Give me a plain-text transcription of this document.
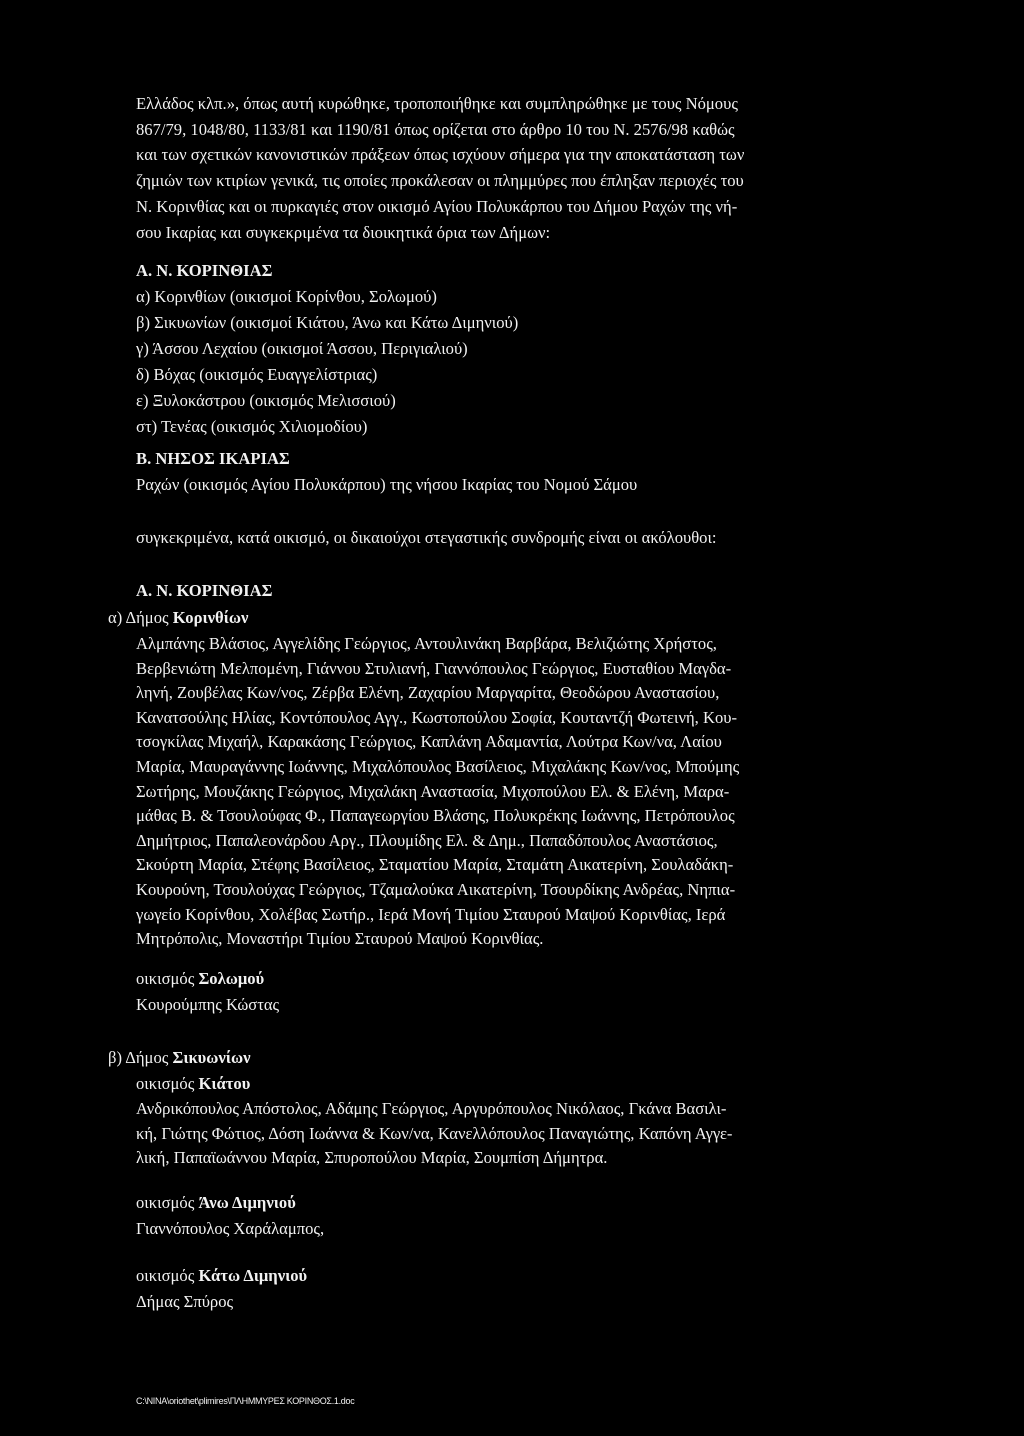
Ελλάδος κλπ.», όπως αυτή κυρώθηκε, τροποποιήθηκε και συμπληρώθηκε με τους Νόμους
867/79, 1048/80, 1133/81 και 1190/81 όπως ορίζεται στο άρθρο 10 του Ν. 2576/98 καθώς
και των σχετικών κανονιστικών πράξεων όπως ισχύουν σήμερα για την αποκατάσταση των
ζημιών των κτιρίων γενικά, τις οποίες προκάλεσαν οι πλημμύρες που έπληξαν περιοχές του
Ν. Κορινθίας και οι πυρκαγιές στον οικισμό Αγίου Πολυκάρπου του Δήμου Ραχών της νή-
σου Ικαρίας και συγκεκριμένα τα διοικητικά όρια των Δήμων:
Α. Ν. ΚΟΡΙΝΘΙΑΣ
α) Κορινθίων (οικισμοί Κορίνθου, Σολωμού)
β) Σικυωνίων (οικισμοί Κιάτου, Άνω και Κάτω Διμηνιού)
γ) Άσσου Λεχαίου (οικισμοί Άσσου, Περιγιαλιού)
δ) Βόχας (οικισμός Ευαγγελίστριας)
ε) Ξυλοκάστρου (οικισμός Μελισσιού)
στ) Τενέας (οικισμός Χιλιομοδίου)
Β. ΝΗΣΟΣ ΙΚΑΡΙΑΣ
Ραχών (οικισμός Αγίου Πολυκάρπου) της νήσου Ικαρίας του Νομού Σάμου
συγκεκριμένα, κατά οικισμό, οι δικαιούχοι στεγαστικής συνδρομής είναι οι ακόλουθοι:
Α. Ν. ΚΟΡΙΝΘΙΑΣ
α) Δήμος Κορινθίων
Αλμπάνης Βλάσιος, Αγγελίδης Γεώργιος, Αντουλινάκη Βαρβάρα, Βελιζιώτης Χρήστος,
Βερβενιώτη Μελπομένη, Γιάννου Στυλιανή, Γιαννόπουλος Γεώργιος, Ευσταθίου Μαγδα-
ληνή, Ζουβέλας Κων/νος, Ζέρβα Ελένη, Ζαχαρίου Μαργαρίτα, Θεοδώρου Αναστασίου,
Κανατσούλης Ηλίας, Κοντόπουλος Αγγ., Κωστοπούλου Σοφία, Κουταντζή Φωτεινή, Κου-
τσογκίλας Μιχαήλ, Καρακάσης Γεώργιος, Καπλάνη Αδαμαντία, Λούτρα Κων/να, Λαίου
Μαρία, Μαυραγάννης Ιωάννης, Μιχαλόπουλος Βασίλειος, Μιχαλάκης Κων/νος, Μπούμης
Σωτήρης, Μουζάκης Γεώργιος, Μιχαλάκη Αναστασία, Μιχοπούλου Ελ. & Ελένη, Μαρα-
μάθας Β. & Τσουλούφας Φ., Παπαγεωργίου Βλάσης, Πολυκρέκης Ιωάννης, Πετρόπουλος
Δημήτριος, Παπαλεονάρδου Αργ., Πλουμίδης Ελ. & Δημ., Παπαδόπουλος Αναστάσιος,
Σκούρτη Μαρία, Στέφης Βασίλειος, Σταματίου Μαρία, Σταμάτη Αικατερίνη, Σουλαδάκη-
Κουρούνη, Τσουλούχας Γεώργιος, Τζαμαλούκα Αικατερίνη, Τσουρδίκης Ανδρέας, Νηπια-
γωγείο Κορίνθου, Χολέβας Σωτήρ., Ιερά Μονή Τιμίου Σταυρού Μαψού Κορινθίας, Ιερά
Μητρόπολις, Μοναστήρι Τιμίου Σταυρού Μαψού Κορινθίας.
οικισμός Σολωμού
Κουρούμπης Κώστας
β) Δήμος Σικυωνίων
οικισμός Κιάτου
Ανδρικόπουλος Απόστολος, Αδάμης Γεώργιος, Αργυρόπουλος Νικόλαος, Γκάνα Βασιλι-
κή, Γιώτης Φώτιος, Δόση Ιωάννα & Κων/να, Κανελλόπουλος Παναγιώτης, Καπόνη Αγγε-
λική, Παπαϊωάννου Μαρία, Σπυροπούλου Μαρία, Σουμπίση Δήμητρα.
οικισμός Άνω Διμηνιού
Γιαννόπουλος Χαράλαμπος,
οικισμός Κάτω Διμηνιού
Δήμας Σπύρος
C:\NINA\oriothet\plimires\ΠΛΗΜΜΥΡΕΣ ΚΟΡΙΝΘΟΣ.1.doc
